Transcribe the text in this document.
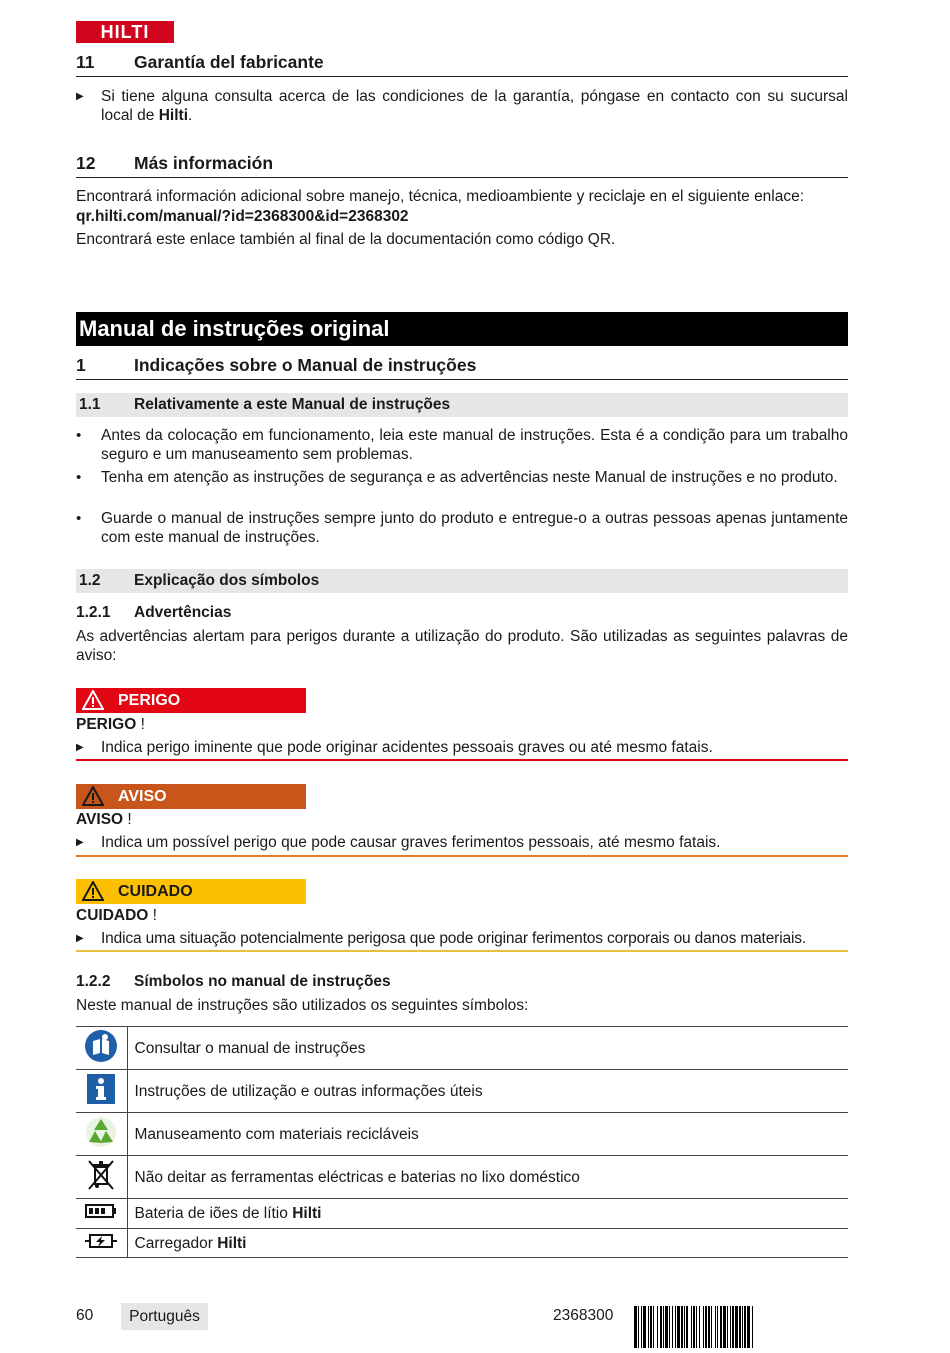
HILTI
11 Garantía del fabricante
▶ Si tiene alguna consulta acerca de las condiciones de la garantía, póngase en contacto con su sucursal local de Hilti.
12 Más información
Encontrará información adicional sobre manejo, técnica, medioambiente y reciclaje en el siguiente enlace:
qr.hilti.com/manual/?id=2368300&id=2368302
Encontrará este enlace también al final de la documentación como código QR.
Manual de instruções original
1	Indicações sobre o Manual de instruções
1.1 Relativamente a este Manual de instruções
• Antes da colocação em funcionamento, leia este manual de instruções. Esta é a condição para um trabalho seguro e um manuseamento sem problemas.
• Tenha em atenção as instruções de segurança e as advertências neste Manual de instruções e no produto.
• Guarde o manual de instruções sempre junto do produto e entregue-o a outras pessoas apenas juntamente com este manual de instruções.
1.2 Explicação dos símbolos
1.2.1 Advertências
As advertências alertam para perigos durante a utilização do produto. São utilizadas as seguintes palavras de aviso:
PERIGO
PERIGO !
▶ Indica perigo iminente que pode originar acidentes pessoais graves ou até mesmo fatais.
AVISO
AVISO !
▶ Indica um possível perigo que pode causar graves ferimentos pessoais, até mesmo fatais.
CUIDADO
CUIDADO !
▶ Indica uma situação potencialmente perigosa que pode originar ferimentos corporais ou danos materiais.
1.2.2 Símbolos no manual de instruções
Neste manual de instruções são utilizados os seguintes símbolos:
	Consultar o manual de instruções
	Instruções de utilização e outras informações úteis
	Manuseamento com materiais recicláveis
	Não deitar as ferramentas eléctricas e baterias no lixo doméstico
	Bateria de iões de lítio Hilti
	Carregador Hilti
60	Português	2368300
